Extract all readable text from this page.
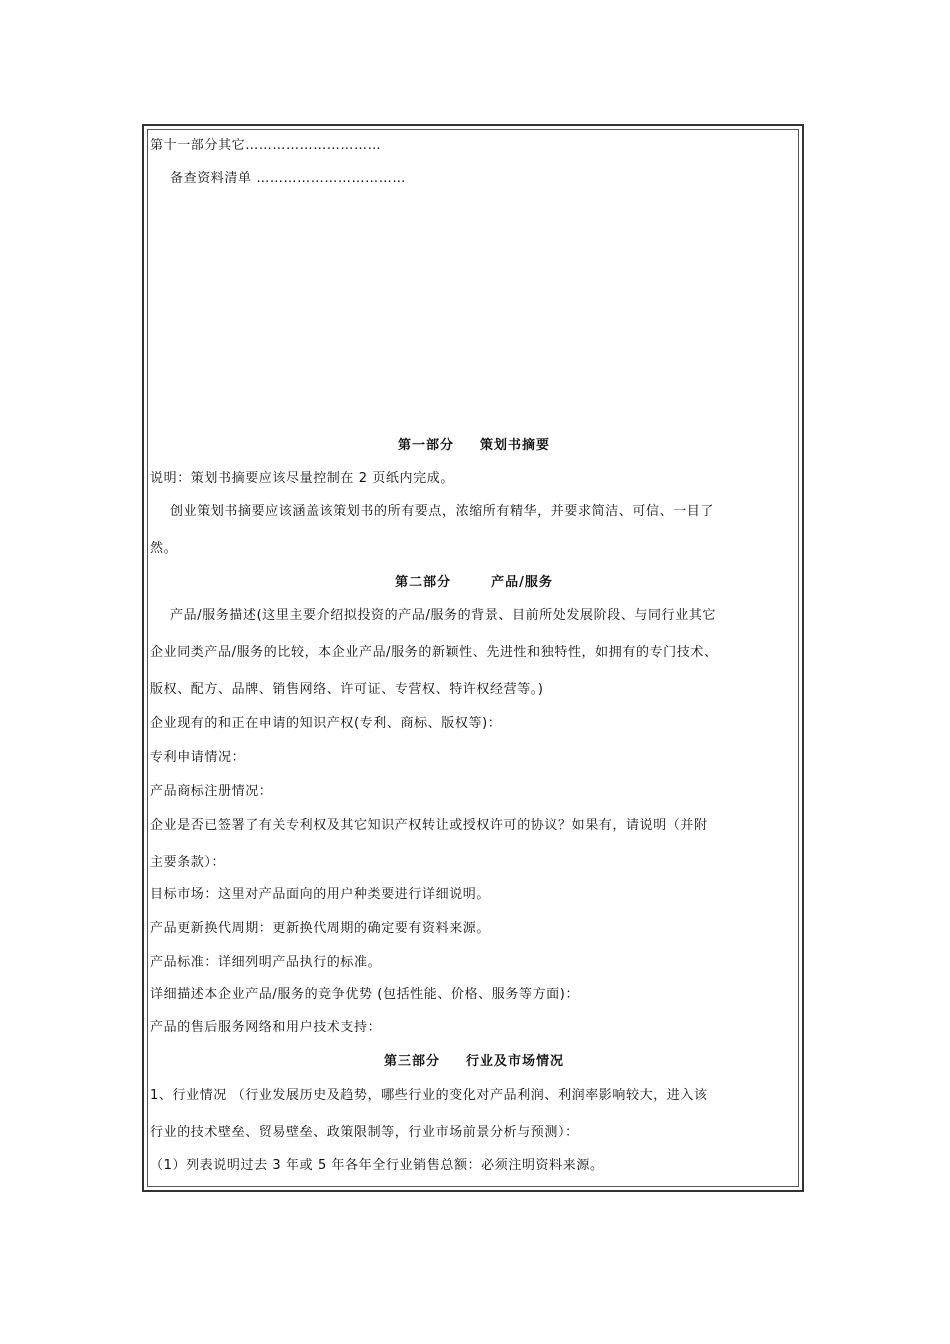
第十一部分其它…………………………
备查资料清单 ……………………………
第一部分 策划书摘要
说明：策划书摘要应该尽量控制在 2 页纸内完成。
创业策划书摘要应该涵盖该策划书的所有要点，浓缩所有精华，并要求简洁、可信、一目了
然。
第二部分	产品/服务
产品/服务描述(这里主要介绍拟投资的产品/服务的背景、目前所处发展阶段、与同行业其它
企业同类产品/服务的比较，本企业产品/服务的新颖性、先进性和独特性，如拥有的专门技术、
版权、配方、品牌、销售网络、许可证、专营权、特许权经营等。)
企业现有的和正在申请的知识产权(专利、商标、版权等)：
专利申请情况：
产品商标注册情况：
企业是否已签署了有关专利权及其它知识产权转让或授权许可的协议？如果有，请说明（并附
主要条款）：
目标市场：这里对产品面向的用户种类要进行详细说明。
产品更新换代周期：更新换代周期的确定要有资料来源。
产品标准：详细列明产品执行的标准。
详细描述本企业产品/服务的竞争优势 (包括性能、价格、服务等方面)：
产品的售后服务网络和用户技术支持：
第三部分 行业及市场情况
1、行业情况 （行业发展历史及趋势，哪些行业的变化对产品利润、利润率影响较大，进入该
行业的技术壁垒、贸易壁垒、政策限制等，行业市场前景分析与预测）：
（1）列表说明过去 3 年或 5 年各年全行业销售总额：必须注明资料来源。
